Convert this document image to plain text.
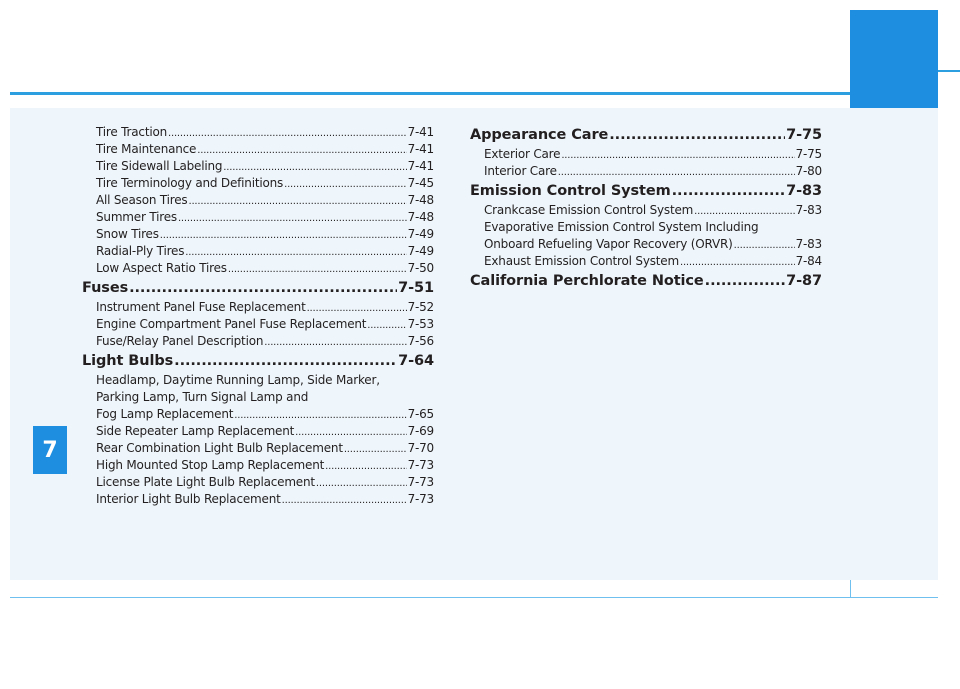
7
Tire Traction .....	7-41
Tire Maintenance .....	7-41
Tire Sidewall Labeling .....	7-41
Tire Terminology and Definitions .....	7-45
All Season Tires .....	7-48
Summer Tires .....	7-48
Snow Tires .....	7-49
Radial-Ply Tires .....	7-49
Low Aspect Ratio Tires .....	7-50
Fuses .....	7-51
Instrument Panel Fuse Replacement .....	7-52
Engine Compartment Panel Fuse Replacement .....	7-53
Fuse/Relay Panel Description .....	7-56
Light Bulbs .....	7-64
Headlamp, Daytime Running Lamp, Side Marker,
Parking Lamp, Turn Signal Lamp and
Fog Lamp Replacement .....	7-65
Side Repeater Lamp Replacement .....	7-69
Rear Combination Light Bulb Replacement .....	7-70
High Mounted Stop Lamp Replacement .....	7-73
License Plate Light Bulb Replacement .....	7-73
Interior Light Bulb Replacement .....	7-73
Appearance Care .....	7-75
Exterior Care .....	7-75
Interior Care .....	7-80
Emission Control System .....	7-83
Crankcase Emission Control System .....	7-83
Evaporative Emission Control System Including
Onboard Refueling Vapor Recovery (ORVR) .....	7-83
Exhaust Emission Control System .....	7-84
California Perchlorate Notice .....	7-87
